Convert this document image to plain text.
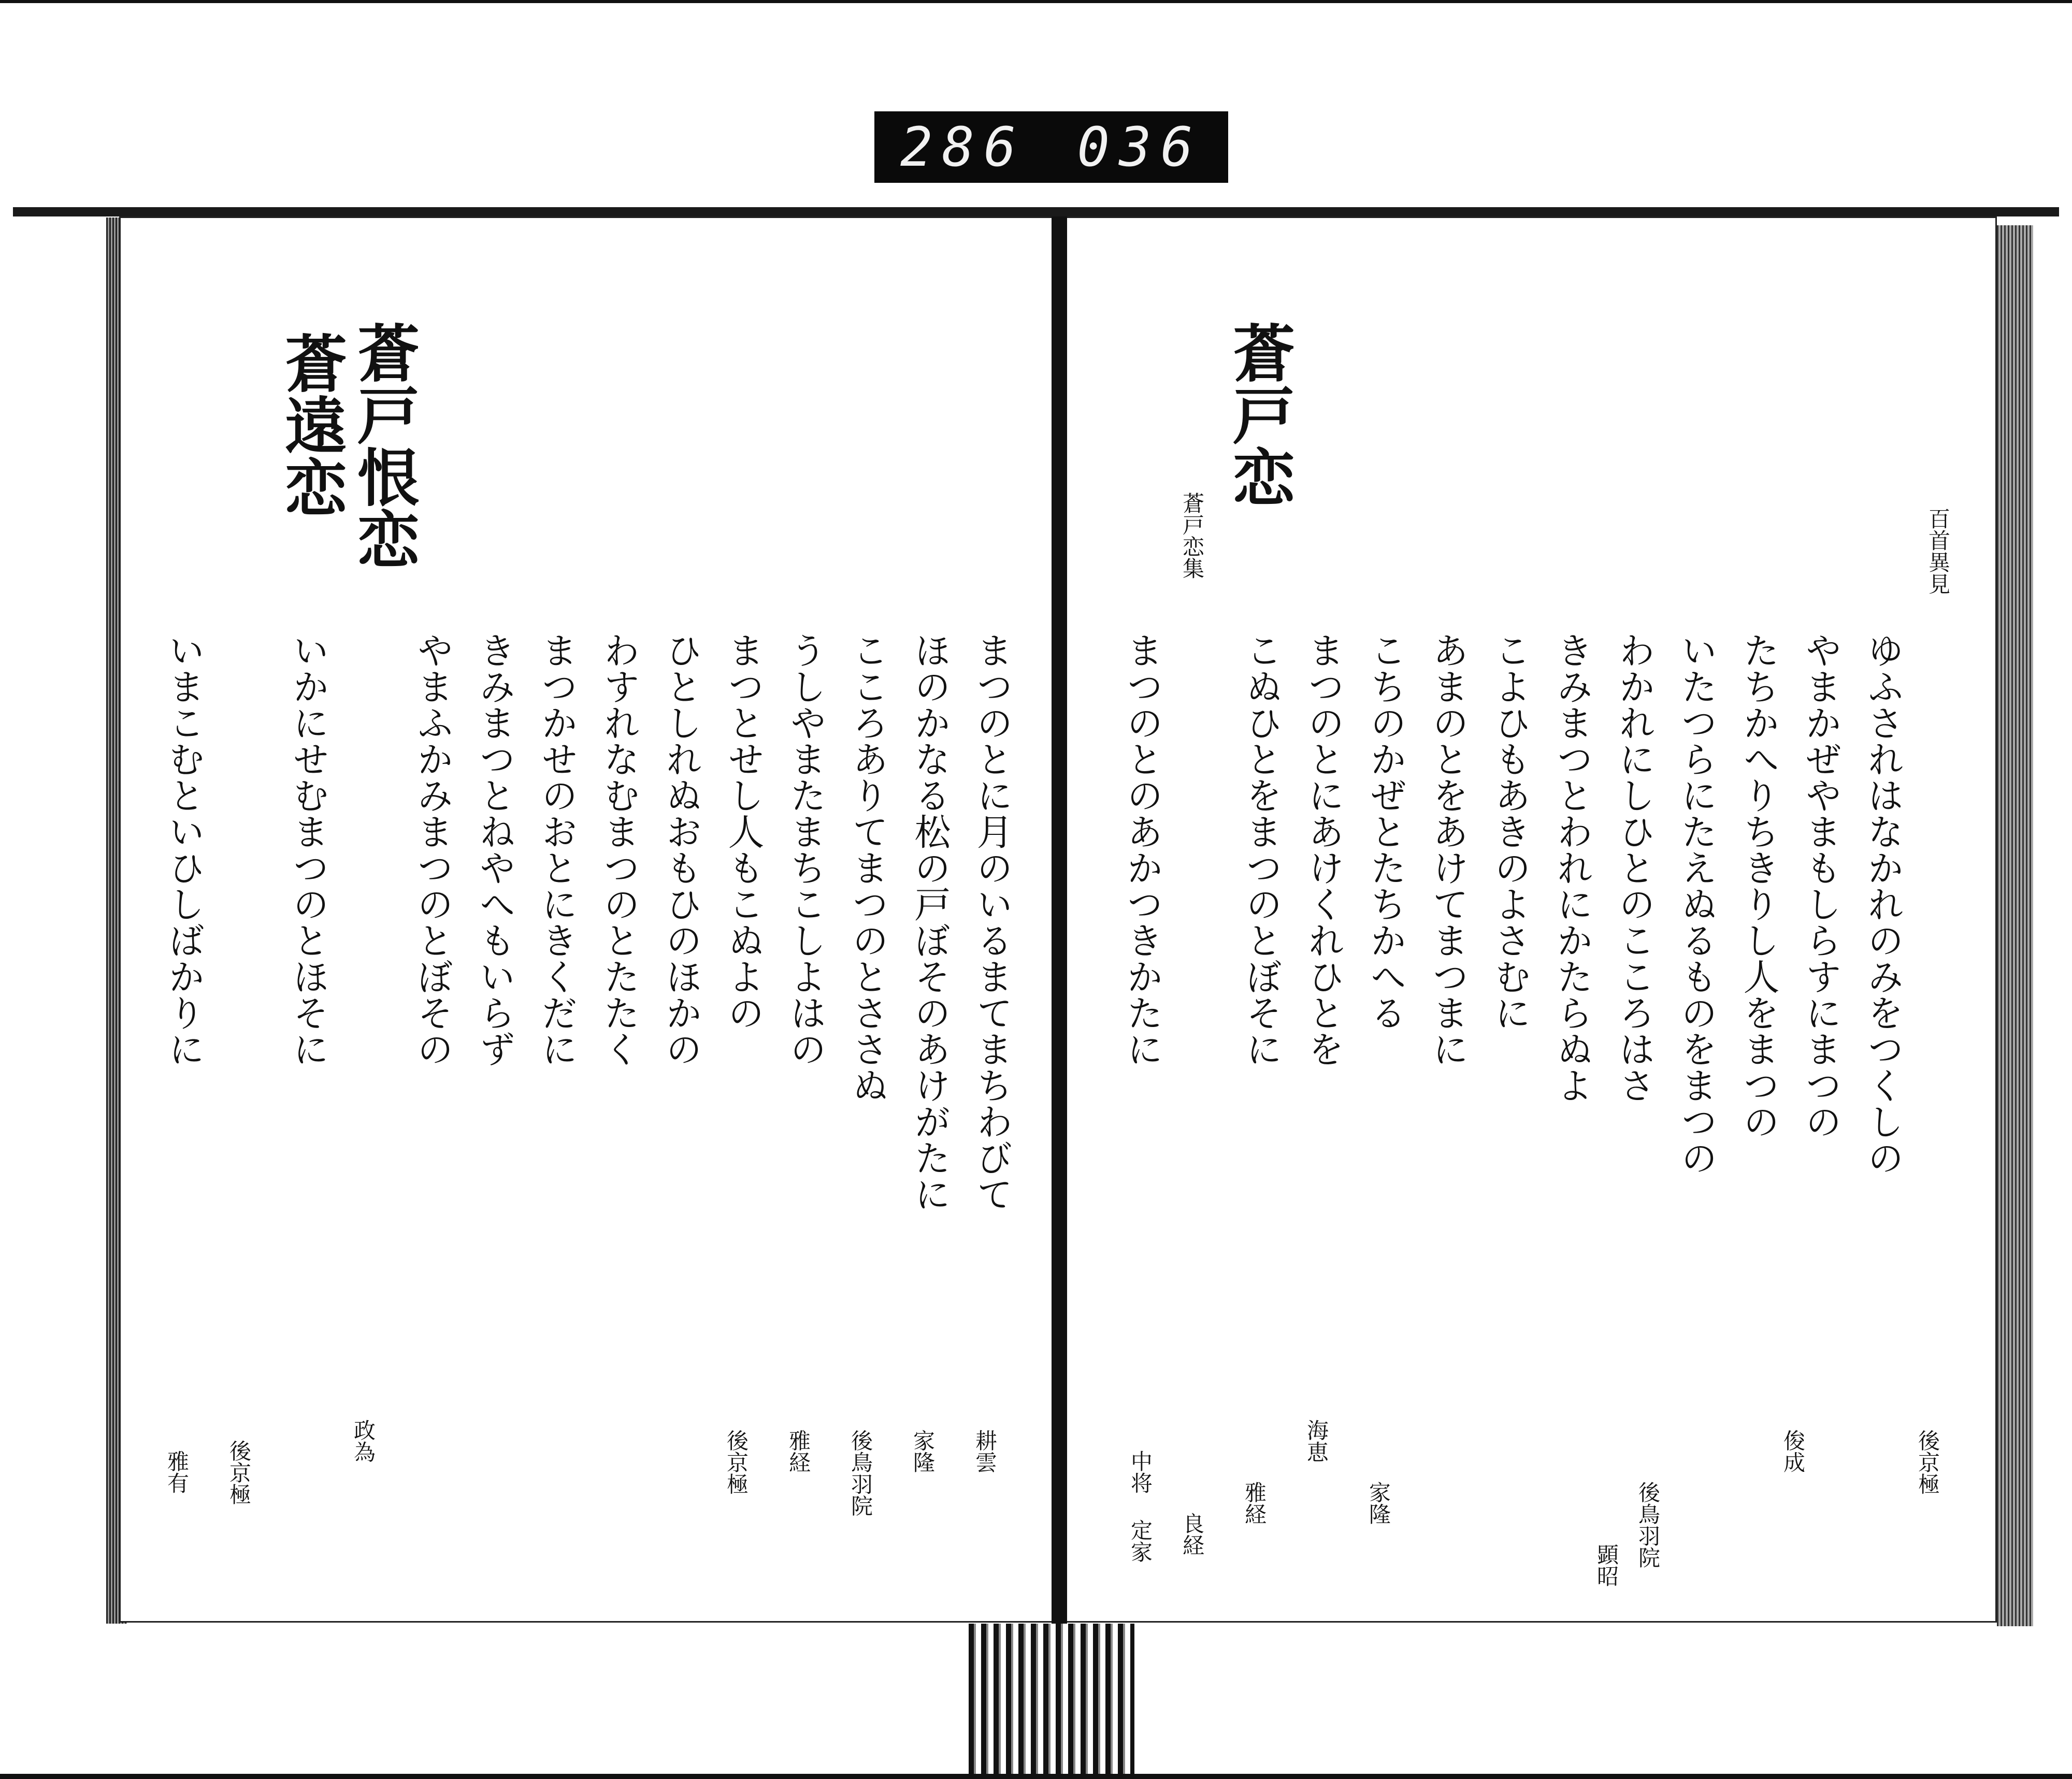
286 036
百首異見
蒼戸恋
蒼戸恋集
ゆふされはなかれのみをつくしの
やまかぜやまもしらすにまつの
たちかへりちきりし人をまつの
いたつらにたえぬるものをまつの
わかれにしひとのこころはさ
きみまつとわれにかたらぬよ
こよひもあきのよさむに
あまのとをあけてまつまに
こちのかぜとたちかへる
まつのとにあけくれひとを
こぬひとをまつのとぼそに
まつのとのあかつきかたに
後京極
俊成
後鳥羽院
顕昭
中将 定家 良経
家隆
海恵
雅経
蒼戸恨恋
蒼遠恋
まつのとに月のいるまてまちわびて
ほのかなる松の戸ぼそのあけがたに
こころありてまつのとささぬ
うしやまたまちこしよはの
まつとせし人もこぬよの
ひとしれぬおもひのほかの
わすれなむまつのとたたく
まつかせのおとにきくだに
きみまつとねやへもいらず
やまふかみまつのとぼその
いかにせむまつのとほそに
いまこむといひしばかりに
耕雲
家隆
後鳥羽院
雅経
後京極
政為
後京極
雅有
